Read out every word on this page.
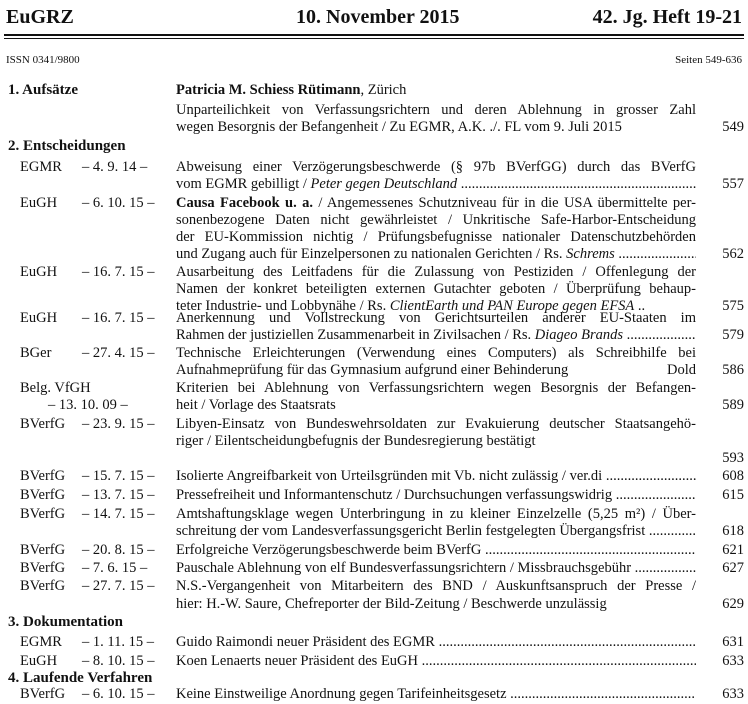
EuGRZ	10. November 2015	42. Jg. Heft 19-21
ISSN 0341/9800	Seiten 549-636
1. Aufsätze	Patricia M. Schiess Rütimann, Zürich
Unparteilichkeit von Verfassungsrichtern und deren Ablehnung in grosser Zahl
wegen Besorgnis der Befangenheit / Zu EGMR, A.K. ./. FL vom 9. Juli 2015	549
2. Entscheidungen
EGMR – 4. 9. 14 – Abweisung einer Verzögerungsbeschwerde (§ 97b BVerfGG) durch das BVerfG
vom EGMR gebilligt / Peter gegen Deutschland .....	557
EuGH – 6. 10. 15 – Causa Facebook u. a. / Angemessenes Schutzniveau für in die USA übermittelte per-
sonenbezogene Daten nicht gewährleistet / Unkritische Safe-Harbor-Entscheidung
der EU-Kommission nichtig / Prüfungsbefugnisse nationaler Datenschutzbehörden
und Zugang auch für Einzelpersonen zu nationalen Gerichten / Rs. Schrems .....	562
EuGH – 16. 7. 15 – Ausarbeitung des Leitfadens für die Zulassung von Pestiziden / Offenlegung der
Namen der konkret beteiligten externen Gutachter geboten / Überprüfung behaup-
teter Industrie- und Lobbynähe / Rs. ClientEarth und PAN Europe gegen EFSA ..	575
EuGH – 16. 7. 15 – Anerkennung und Vollstreckung von Gerichtsurteilen anderer EU-Staaten im
Rahmen der justiziellen Zusammenarbeit in Zivilsachen / Rs. Diageo Brands .....	579
BGer – 27. 4. 15 – Technische Erleichterungen (Verwendung eines Computers) als Schreibhilfe bei
Aufnahmeprüfung für das Gymnasium aufgrund einer Behinderung	Dold	586
Belg. VfGH
– 13. 10. 09 –
Kriterien bei Ablehnung von Verfassungsrichtern wegen Besorgnis der Befangen-
heit / Vorlage des Staatsrats	589
BVerfG – 23. 9. 15 – Libyen-Einsatz von Bundeswehrsoldaten zur Evakuierung deutscher Staatsangehö-
riger / Eilentscheidungbefugnis der Bundesregierung bestätigt
593
BVerfG – 15. 7. 15 – Isolierte Angreifbarkeit von Urteilsgründen mit Vb. nicht zulässig / ver.di .....	608
BVerfG – 13. 7. 15 – Pressefreiheit und Informantenschutz / Durchsuchungen verfassungswidrig .....	615
BVerfG – 14. 7. 15 – Amtshaftungsklage wegen Unterbringung in zu kleiner Einzelzelle (5,25 m²) / Über-
schreitung der vom Landesverfassungsgericht Berlin festgelegten Übergangsfrist .....	618
BVerfG – 20. 8. 15 – Erfolgreiche Verzögerungsbeschwerde beim BVerfG .....	621
BVerfG – 7. 6. 15 – Pauschale Ablehnung von elf Bundesverfassungsrichtern / Missbrauchsgebühr .....	627
BVerfG – 27. 7. 15 – N.S.-Vergangenheit von Mitarbeitern des BND / Auskunftsanspruch der Presse /
hier: H.-W. Saure, Chefreporter der Bild-Zeitung / Beschwerde unzulässig	629
3. Dokumentation
EGMR – 1. 11. 15 – Guido Raimondi neuer Präsident des EGMR .....	631
EuGH – 8. 10. 15 – Koen Lenaerts neuer Präsident des EuGH .....	633
4. Laufende Verfahren
BVerfG – 6. 10. 15 – Keine Einstweilige Anordnung gegen Tarifeinheitsgesetz .....	633
